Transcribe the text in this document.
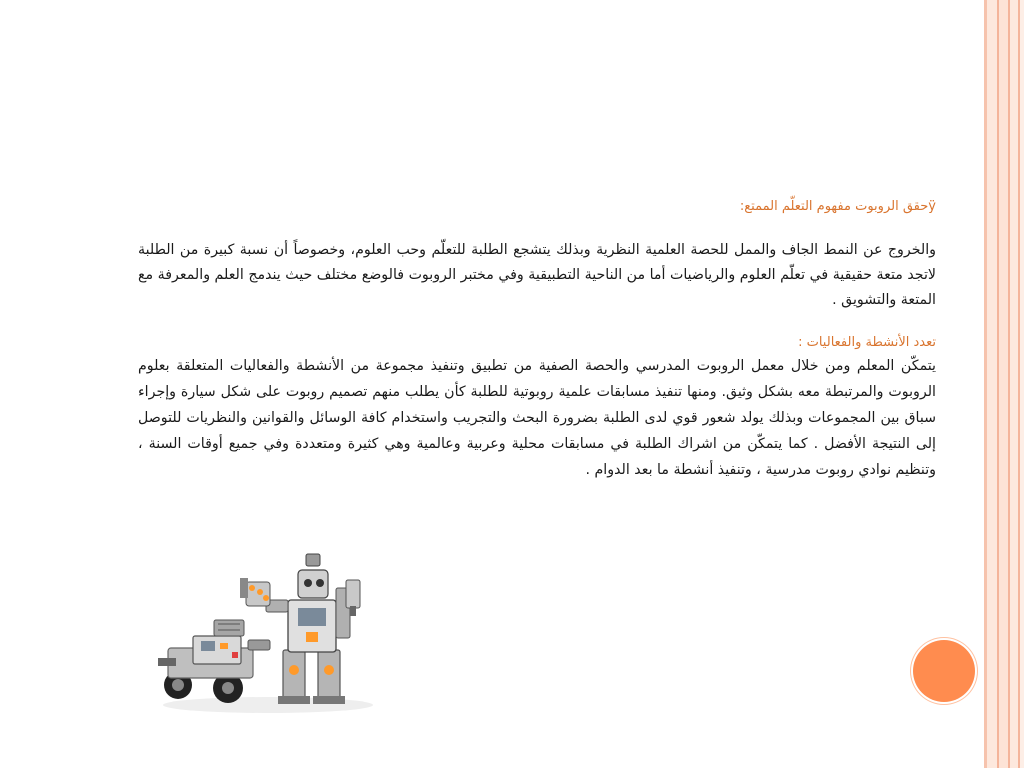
ÿحقق الروبوت مفهوم التعلّم الممتع:

والخروج عن النمط الجاف والممل للحصة العلمية النظرية وبذلك يتشجع الطلبة للتعلّم وحب العلوم، وخصوصاً أن نسبة كبيرة من الطلبة لاتجد متعة حقيقية في تعلّم العلوم والرياضيات أما من الناحية التطبيقية وفي مختبر الروبوت فالوضع مختلف حيث يندمج العلم والمعرفة مع المتعة والتشويق .

تعدد الأنشطة والفعاليات :

يتمكّن المعلم ومن خلال معمل الروبوت المدرسي والحصة الصفية من تطبيق وتنفيذ مجموعة من الأنشطة والفعاليات المتعلقة بعلوم الروبوت والمرتبطة معه بشكل وثيق. ومنها تنفيذ مسابقات علمية روبوتية للطلبة كأن يطلب منهم تصميم روبوت على شكل سيارة وإجراء سباق بين المجموعات وبذلك يولد شعور قوي لدى الطلبة بضرورة البحث والتجريب واستخدام كافة الوسائل والقوانين والنظريات للتوصل إلى النتيجة الأفضل . كما يتمكّن من اشراك الطلبة في مسابقات محلية وعربية وعالمية وهي كثيرة ومتعددة وفي جميع أوقات السنة ، وتنظيم نوادي روبوت مدرسية ، وتنفيذ أنشطة ما بعد الدوام .
